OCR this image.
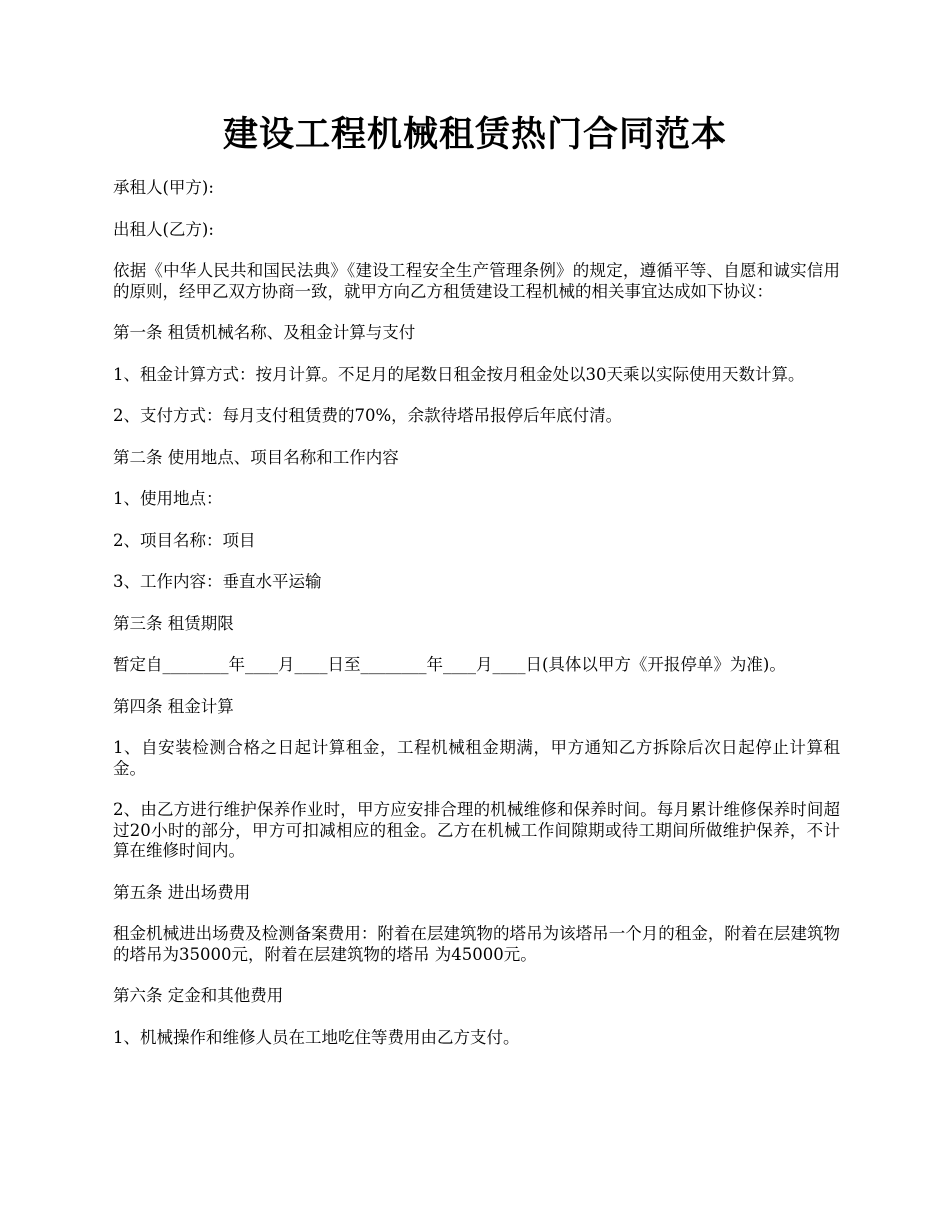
建设工程机械租赁热门合同范本

承租人(甲方):

出租人(乙方):

依据《中华人民共和国民法典》《建设工程安全生产管理条例》的规定，遵循平等、自愿和诚实信用的原则，经甲乙双方协商一致，就甲方向乙方租赁建设工程机械的相关事宜达成如下协议：

第一条 租赁机械名称、及租金计算与支付

1、租金计算方式：按月计算。不足月的尾数日租金按月租金处以30天乘以实际使用天数计算。

2、支付方式：每月支付租赁费的70%，余款待塔吊报停后年底付清。

第二条 使用地点、项目名称和工作内容

1、使用地点：

2、项目名称：项目

3、工作内容：垂直水平运输

第三条 租赁期限

暂定自________年____月____日至________年____月____日(具体以甲方《开报停单》为准)。

第四条 租金计算

1、自安装检测合格之日起计算租金，工程机械租金期满，甲方通知乙方拆除后次日起停止计算租金。

2、由乙方进行维护保养作业时，甲方应安排合理的机械维修和保养时间。每月累计维修保养时间超过20小时的部分，甲方可扣减相应的租金。乙方在机械工作间隙期或待工期间所做维护保养，不计算在维修时间内。

第五条 进出场费用

租金机械进出场费及检测备案费用：附着在层建筑物的塔吊为该塔吊一个月的租金，附着在层建筑物的塔吊为35000元，附着在层建筑物的塔吊 为45000元。

第六条 定金和其他费用

1、机械操作和维修人员在工地吃住等费用由乙方支付。
